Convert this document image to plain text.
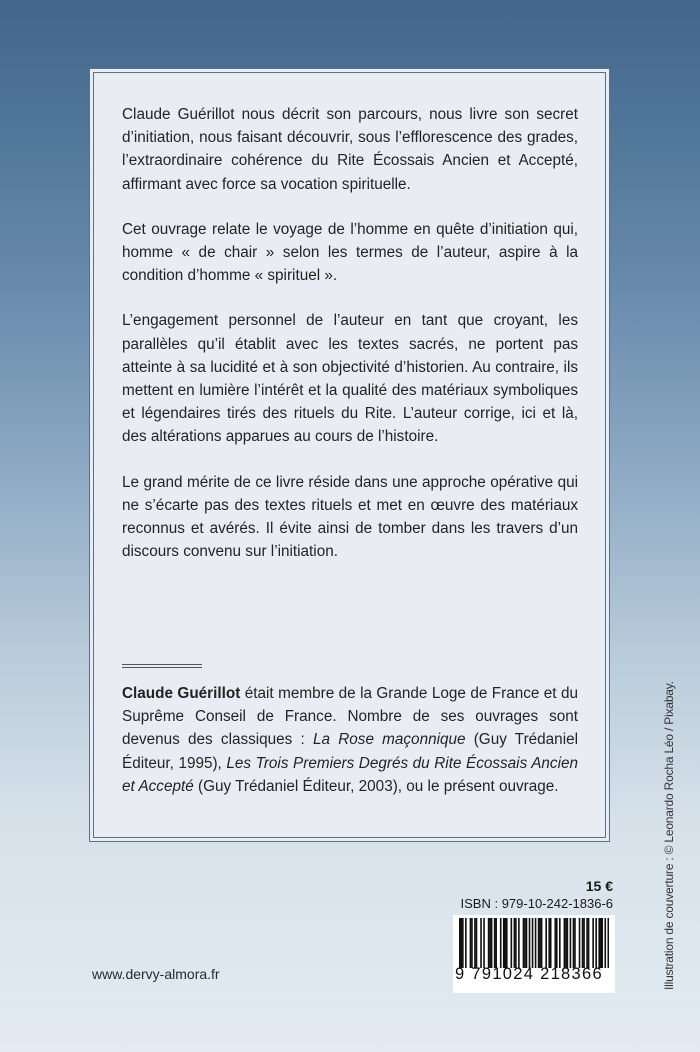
Claude Guérillot nous décrit son parcours, nous livre son secret d’initiation, nous faisant découvrir, sous l’efflorescence des grades, l’extraordinaire cohérence du Rite Écossais Ancien et Accepté, affirmant avec force sa vocation spirituelle.

Cet ouvrage relate le voyage de l’homme en quête d’initiation qui, homme « de chair » selon les termes de l’auteur, aspire à la condition d’homme « spirituel ».

L’engagement personnel de l’auteur en tant que croyant, les parallèles qu’il établit avec les textes sacrés, ne portent pas atteinte à sa lucidité et à son objectivité d’historien. Au contraire, ils mettent en lumière l’intérêt et la qualité des matériaux symboliques et légendaires tirés des rituels du Rite. L’auteur corrige, ici et là, des altérations apparues au cours de l’histoire.

Le grand mérite de ce livre réside dans une approche opérative qui ne s’écarte pas des textes rituels et met en œuvre des matériaux reconnus et avérés. Il évite ainsi de tomber dans les travers d’un discours convenu sur l’initiation.

Claude Guérillot était membre de la Grande Loge de France et du Suprême Conseil de France. Nombre de ses ouvrages sont devenus des classiques : La Rose maçonnique (Guy Trédaniel Éditeur, 1995), Les Trois Premiers Degrés du Rite Écossais Ancien et Accepté (Guy Trédaniel Éditeur, 2003), ou le présent ouvrage.	Illustration de couverture : © Leonardo Rocha Léo / Pixabay.
15 €
ISBN : 979-10-242-1836-6
9 791024 218366
www.dervy-almora.fr
